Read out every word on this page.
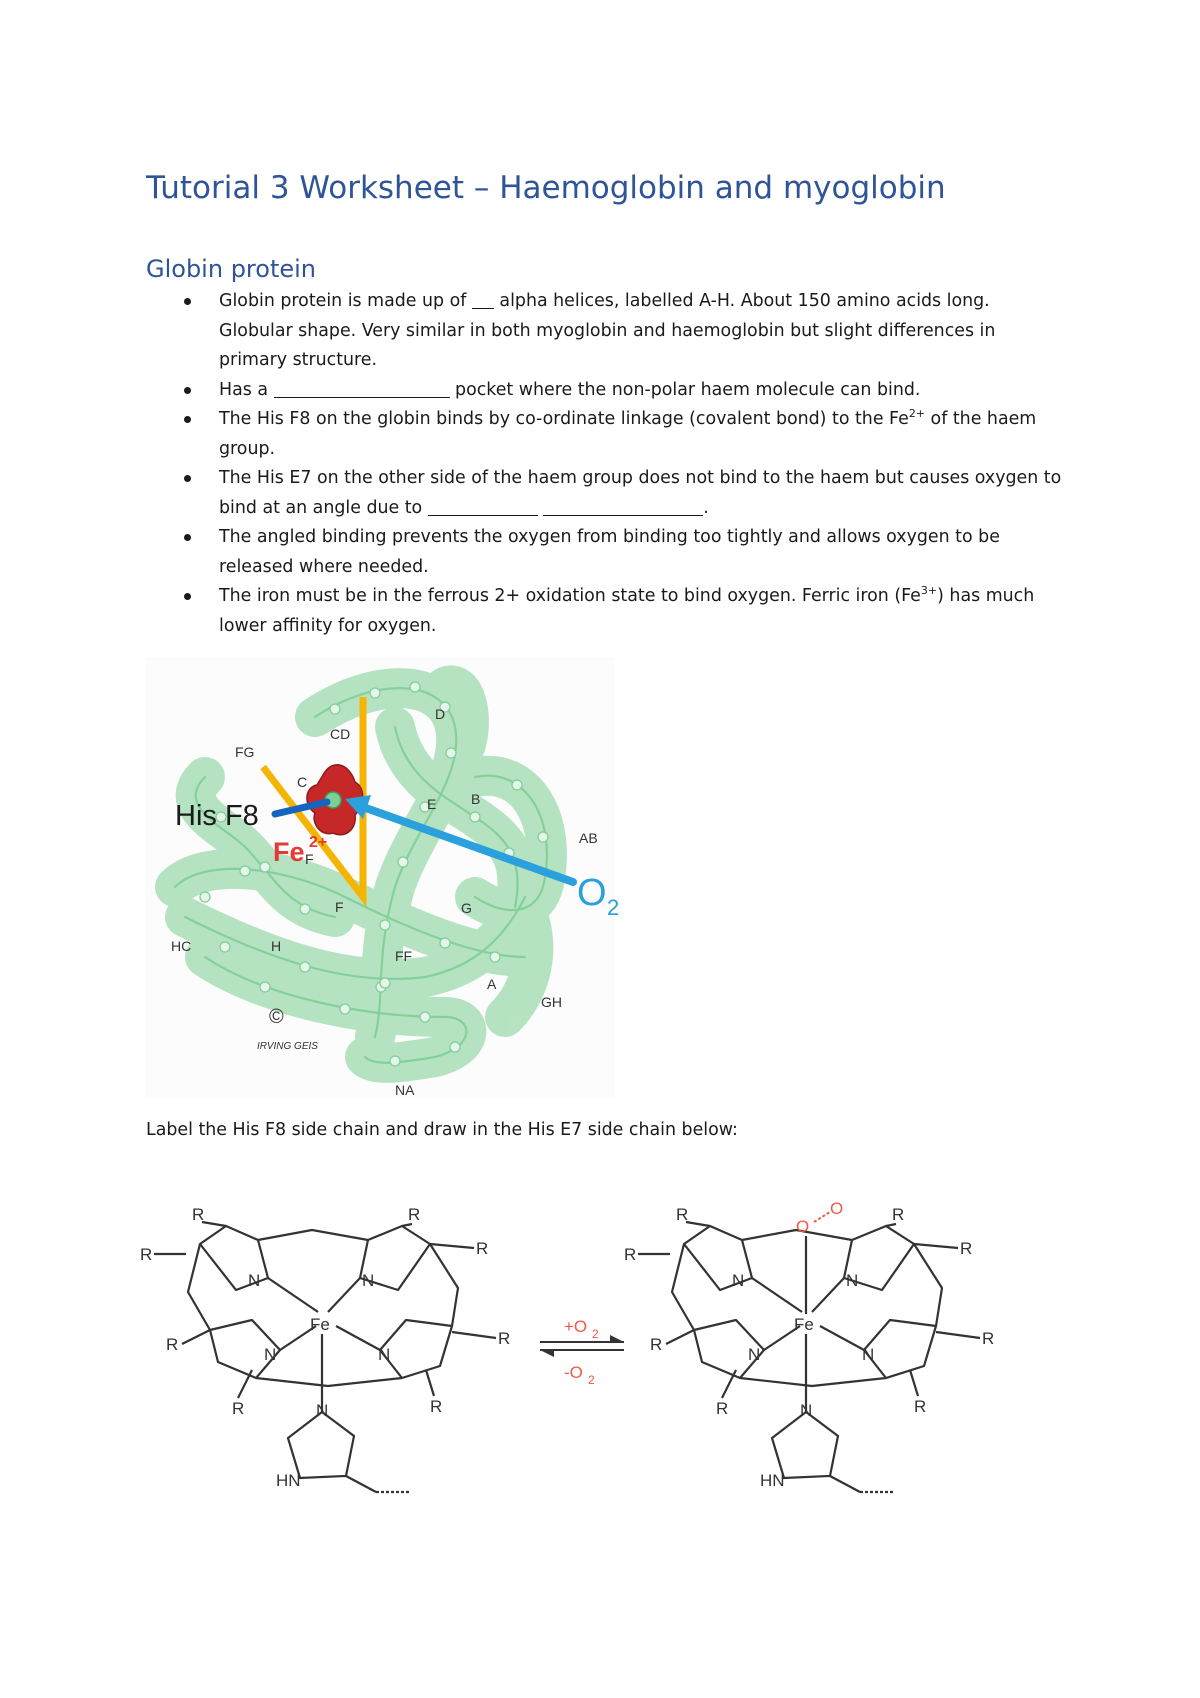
Tutorial 3 Worksheet – Haemoglobin and myoglobin
Globin protein
Globin protein is made up of  alpha helices, labelled A-H. About 150 amino acids long. Globular shape. Very similar in both myoglobin and haemoglobin but slight differences in primary structure.
Has a	pocket where the non-polar haem molecule can bind.
The His F8 on the globin binds by co-ordinate linkage (covalent bond) to the $Fe^{2+}$ of the haem group.
The His E7 on the other side of the haem group does not bind to the haem but causes oxygen to bind at an angle due to	.
The angled binding prevents the oxygen from binding too tightly and allows oxygen to be released where needed.
The iron must be in the ferrous 2+ oxidation state to bind oxygen. Ferric iron $(Fe^{3+})$ has much lower affinity for oxygen.
CD
D
FG
C
E B
AB
F
F	G
HC	H
FF
A
GH
NA
His F8
Fe 2+
O 2
©
IRVING GEIS

Label the His F8 side chain and draw in the His E7 side chain below:

N	N
N	N
Fe
R
R
R
R
R
R
R
R
N
HN
+O 2
-O 2
N	N
N	N
Fe
R
R
R
R
R
R
R
R
O
O
N
HN
